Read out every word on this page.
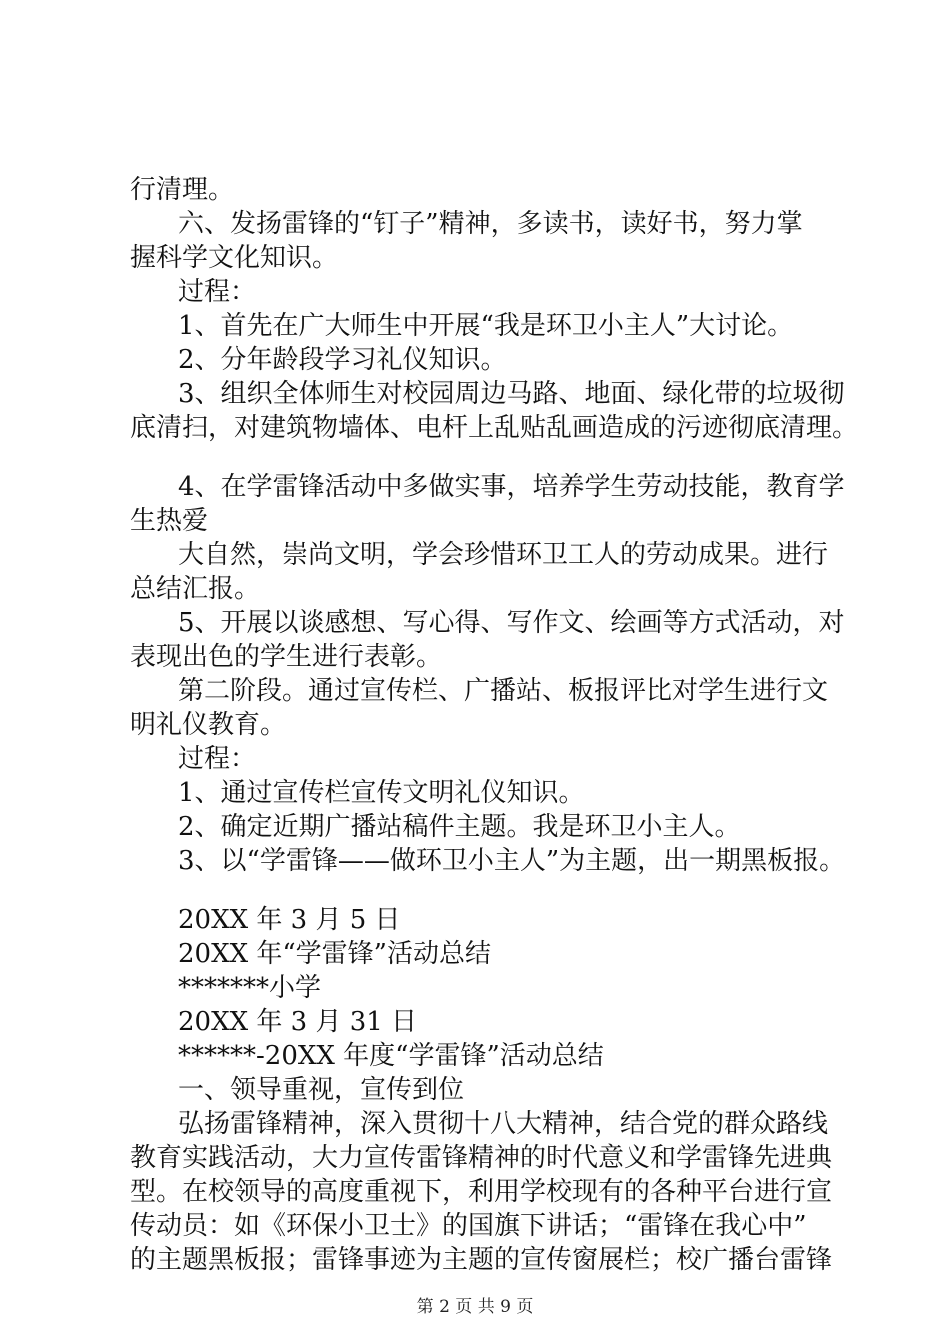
行清理。
六、发扬雷锋的“钉子”精神，多读书，读好书，努力掌
握科学文化知识。
过程：
1、首先在广大师生中开展“我是环卫小主人”大讨论。
2、分年龄段学习礼仪知识。
3、组织全体师生对校园周边马路、地面、绿化带的垃圾彻
底清扫，对建筑物墙体、电杆上乱贴乱画造成的污迹彻底清理。
4、在学雷锋活动中多做实事，培养学生劳动技能，教育学
生热爱
大自然，崇尚文明，学会珍惜环卫工人的劳动成果。进行
总结汇报。
5、开展以谈感想、写心得、写作文、绘画等方式活动，对
表现出色的学生进行表彰。
第二阶段。通过宣传栏、广播站、板报评比对学生进行文
明礼仪教育。
过程：
1、通过宣传栏宣传文明礼仪知识。
2、确定近期广播站稿件主题。我是环卫小主人。
3、以“学雷锋——做环卫小主人”为主题，出一期黑板报。
20XX 年 3 月 5 日
20XX 年“学雷锋”活动总结
*******小学
20XX 年 3 月 31 日
******-20XX 年度“学雷锋”活动总结
一、领导重视，宣传到位
弘扬雷锋精神，深入贯彻十八大精神，结合党的群众路线
教育实践活动，大力宣传雷锋精神的时代意义和学雷锋先进典
型。在校领导的高度重视下，利用学校现有的各种平台进行宣
传动员：如《环保小卫士》的国旗下讲话；“雷锋在我心中”
的主题黑板报；雷锋事迹为主题的宣传窗展栏；校广播台雷锋
第 2 页 共 9 页
